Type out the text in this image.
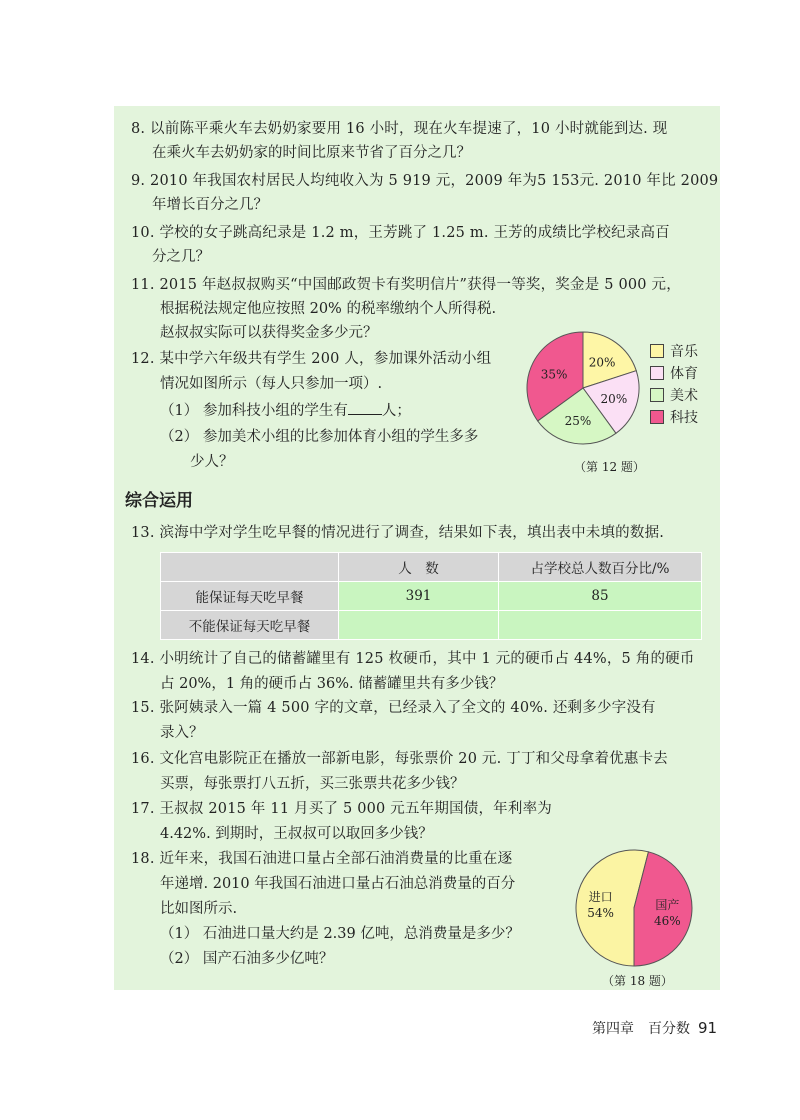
8. 以前陈平乘火车去奶奶家要用 16 小时，现在火车提速了，10 小时就能到达. 现
在乘火车去奶奶家的时间比原来节省了百分之几？
9. 2010 年我国农村居民人均纯收入为 5 919 元，2009 年为5 153元. 2010 年比 2009
年增长百分之几？
10. 学校的女子跳高纪录是 1.2 m，王芳跳了 1.25 m. 王芳的成绩比学校纪录高百
分之几？
11. 2015 年赵叔叔购买“中国邮政贺卡有奖明信片”获得一等奖，奖金是 5 000 元，
根据税法规定他应按照 20% 的税率缴纳个人所得税.
赵叔叔实际可以获得奖金多少元？
12. 某中学六年级共有学生 200 人，参加课外活动小组
情况如图所示（每人只参加一项）.
（1） 参加科技小组的学生有 人；
（2） 参加美术小组的比参加体育小组的学生多多
少人？
20%
20%
25%
35%
音乐
体育
美术
科技
（第 12 题）
综合运用
13. 滨海中学对学生吃早餐的情况进行了调查，结果如下表，填出表中未填的数据.
	人　数	占学校总人数百分比/%
能保证每天吃早餐	391	85
不能保证每天吃早餐		
14. 小明统计了自己的储蓄罐里有 125 枚硬币，其中 1 元的硬币占 44%，5 角的硬币
占 20%，1 角的硬币占 36%. 储蓄罐里共有多少钱？
15. 张阿姨录入一篇 4 500 字的文章，已经录入了全文的 40%. 还剩多少字没有
录入？
16. 文化宫电影院正在播放一部新电影，每张票价 20 元. 丁丁和父母拿着优惠卡去
买票，每张票打八五折，买三张票共花多少钱？
17. 王叔叔 2015 年 11 月买了 5 000 元五年期国债，年利率为
4.42%. 到期时，王叔叔可以取回多少钱？
18. 近年来，我国石油进口量占全部石油消费量的比重在逐
年递增. 2010 年我国石油进口量占石油总消费量的百分
比如图所示.
（1） 石油进口量大约是 2.39 亿吨，总消费量是多少？
（2） 国产石油多少亿吨？
进口
54%
国产
46%
（第 18 题）
第四章　百分数 91
